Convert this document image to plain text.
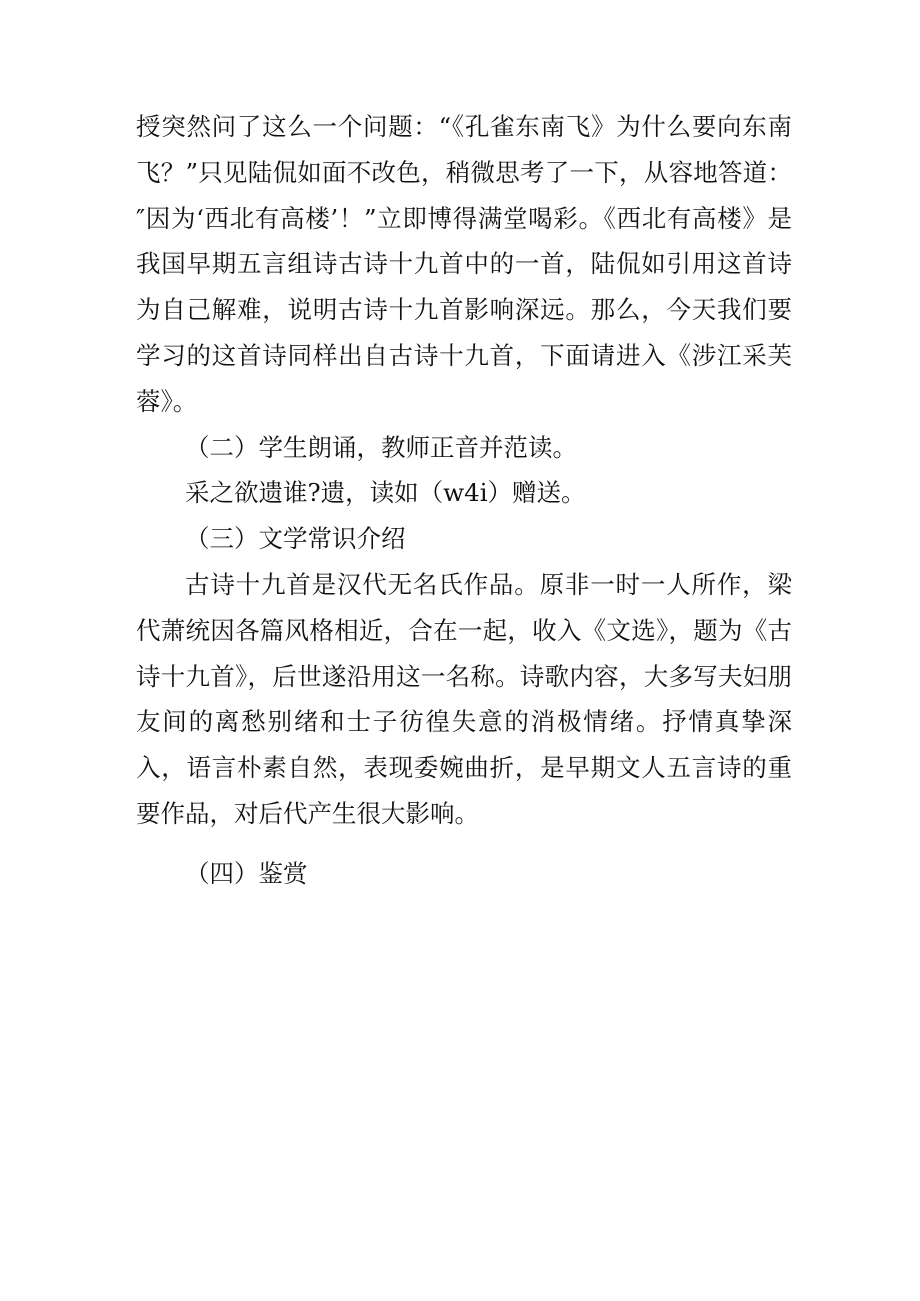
授突然问了这么一个问题：“《孔雀东南飞》为什么要向东南飞？”只见陆侃如面不改色，稍微思考了一下，从容地答道：″因为‘西北有高楼’！”立即博得满堂喝彩。《西北有高楼》是我国早期五言组诗古诗十九首中的一首，陆侃如引用这首诗为自己解难，说明古诗十九首影响深远。那么，今天我们要学习的这首诗同样出自古诗十九首，下面请进入《涉江采芙蓉》。

（二）学生朗诵，教师正音并范读。

采之欲遗谁?遗，读如（w4i）赠送。

（三）文学常识介绍

古诗十九首是汉代无名氏作品。原非一时一人所作，梁代萧统因各篇风格相近，合在一起，收入《文选》，题为《古诗十九首》，后世遂沿用这一名称。诗歌内容，大多写夫妇朋友间的离愁别绪和士子彷徨失意的消极情绪。抒情真挚深入，语言朴素自然，表现委婉曲折，是早期文人五言诗的重要作品，对后代产生很大影响。

（四）鉴赏
